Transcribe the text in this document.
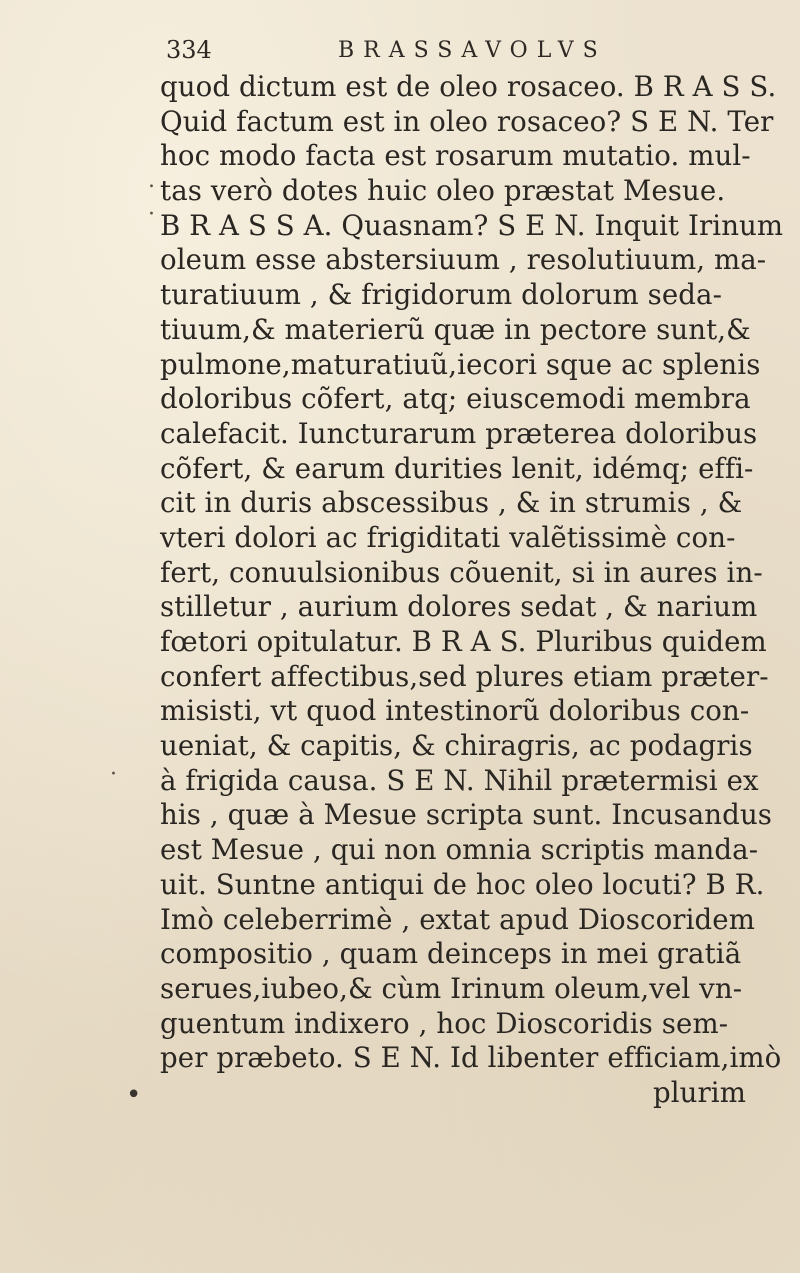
334	BRASSAVOLVS
.
·
·
•
quod dictum est de oleo rosaceo. B R A S S.
Quid factum est in oleo rosaceo? S E N. Ter
hoc modo facta est rosarum mutatio. mul-
tas verò dotes huic oleo præstat Mesue.
B R A S S A. Quasnam? S E N. Inquit Irinum
oleum esse abstersiuum , resolutiuum, ma-
turatiuum , & frigidorum dolorum seda-
tiuum,& materierũ quæ in pectore sunt,&
pulmone,maturatiuũ,iecori sque ac splenis
doloribus cõfert, atq; eiuscemodi membra
calefacit. Iuncturarum præterea doloribus
cõfert, & earum durities lenit, idémq; effi-
cit in duris abscessibus , & in strumis , &
vteri dolori ac frigiditati valẽtissimè con-
fert, conuulsionibus cõuenit, si in aures in-
stilletur , aurium dolores sedat , & narium
fœtori opitulatur. B R A S. Pluribus quidem
confert affectibus,sed plures etiam præter-
misisti, vt quod intestinorũ doloribus con-
ueniat, & capitis, & chiragris, ac podagris
à frigida causa. S E N. Nihil prætermisi ex
his , quæ à Mesue scripta sunt. Incusandus
est Mesue , qui non omnia scriptis manda-
uit. Suntne antiqui de hoc oleo locuti? B R.
Imò celeberrimè , extat apud Dioscoridem
compositio , quam deinceps in mei gratiã
serues,iubeo,& cùm Irinum oleum,vel vn-
guentum indixero , hoc Dioscoridis sem-
per præbeto. S E N. Id libenter efficiam,imò
plurim
